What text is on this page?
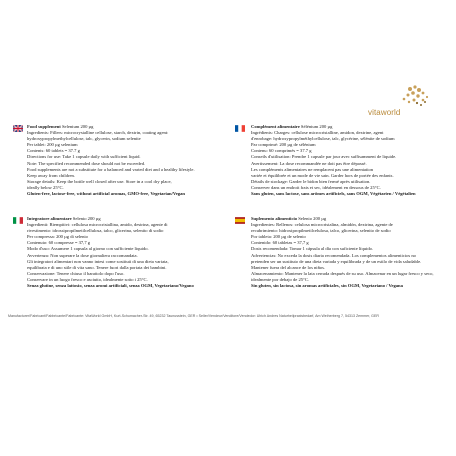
vitaworld
Food supplement Selenium 200 µg
Ingredients: Fillers: microcrystalline cellulose, starch, dextrin, coating agent:
hydroxypropylmethylcellulose, talc, glycerin, sodium selenite
Per tablet: 200 µg selenium
Contents: 60 tablets = 37.7 g
Directions for use: Take 1 capsule daily with sufficient liquid.
Note: The specified recommended dose should not be exceeded.
Food supplements are not a substitute for a balanced and varied diet and a healthy lifestyle.
Keep away from children.
Storage details: Keep the bottle well closed after use. Store in a cool dry place,
ideally below 25°C.
Gluten-free, lactose-free, without artificial aromas, GMO-free, Vegetarian/Vegan
Complément alimentaire Sélénium 200 µg
Ingrédients: Charges: cellulose microcristalline, amidon, dextrine, agent
d'enrobage: hydroxypropylméthylcellulose, talc, glycérine, sélénite de sodium
Par comprimé: 200 µg de sélénium
Contenu: 60 comprimés = 37.7 g
Conseils d'utilisation: Prendre 1 capsule par jour avec suffisamment de liquide.
Avertissement: La dose recommandée ne doit pas être dépassé.
Les compléments alimentaires ne remplacent pas une alimentation
variée et équilibrée et un mode de vie sain. Garder hors de portée des enfants.
Détails de stockage: Garder le bidon bien fermé après utilisation.
Conserver dans un endroit frais et sec, idéalement en dessous de 25°C.
Sans gluten, sans lactose, sans arômes artificiels, sans OGM, Végétarien / Végétalien
Integratore alimentare Selenio 200 µg
Ingredienti: Riempitivi: cellulosa microcristallina, amido, destrina, agente di
rivestimento: idrossipropilmetilcellulosa, talco, glicerina, selenito di sodio
Per compressa: 200 µg di selenio
Contenuto: 60 compresse = 37,7 g
Modo d'uso: Assumere 1 capsula al giorno con sufficiente liquido.
Avvertenza: Non superare la dose giornaliera raccomandata.
Gli integratori alimentari non vanno intesi come sostituti di una dieta variata,
equilibrata e di uno stile di vita sano. Tenere fuori dalla portata dei bambini.
Conservazione: Tenere chiuso il barattolo dopo l'uso.
Conservare in un luogo fresco e asciutto, idealmente sotto i 25°C.
Senza glutine, senza lattosio, senza aromi artificiali, senza OGM, Vegetariano/Vegano
Suplemento alimenticio Selenio 200 µg
Ingredientes: Rellenos: celulosa microcristalina, almidón, dextrina, agente de
recubrimiento: hidroxipropilmetilcelulosa, talco, glicerina, selenito de sodio
Por tableta: 200 µg de selenio
Contenido: 60 tabletas = 37,7 g
Dosis recomendada: Tomar 1 cápsula al día con suficiente líquido.
Advertencias: No exceda la dosis diaria recomendada. Los complementos alimenticios no
pretenden ser un sustituto de una dieta variada y equilibrada y de un estilo de vida saludable.
Mantener fuera del alcance de los niños.
Almacenamiento: Mantener la lata cerrada después de su uso. Almacenar en un lugar fresco y seco,
idealmente por debajo de 25°C.
Sin gluten, sin lactosa, sin aromas artificiales, sin OGM, Vegetariano / Vegana
Manufacturer/Fabricant/Fabbricante/Fabricante: VitaWorld GmbH, Kurt-Schumacher-Str. 49, 65232 Taunusstein, GER • Seller/Vendeur/Venditore/Vendedor: Ulrich Andres Naturheilpraxisbedarf, Am Weiherberg 7, 54313 Zemmer, GER
